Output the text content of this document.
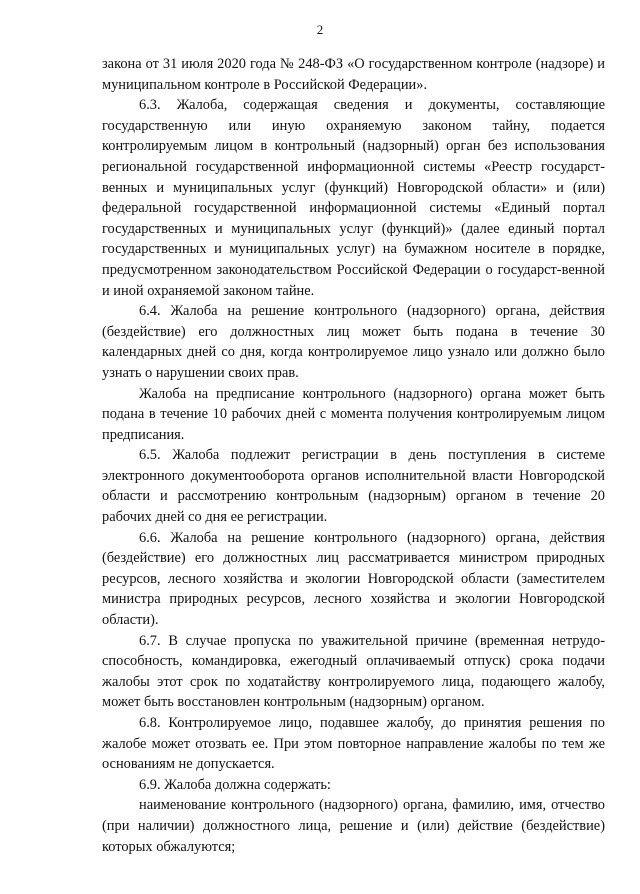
2

закона от 31 июля 2020 года № 248-ФЗ «О государственном контроле (надзоре) и муниципальном контроле в Российской Федерации».

6.3. Жалоба, содержащая сведения и документы, составляющие государственную или иную охраняемую законом тайну, подается контролируемым лицом в контрольный (надзорный) орган без использования региональной государственной информационной системы «Реестр государст-венных и муниципальных услуг (функций) Новгородской области» и (или) федеральной государственной информационной системы «Единый портал государственных и муниципальных услуг (функций)» (далее единый портал государственных и муниципальных услуг) на бумажном носителе в порядке, предусмотренном законодательством Российской Федерации о государст-венной и иной охраняемой законом тайне.

6.4. Жалоба на решение контрольного (надзорного) органа, действия (бездействие) его должностных лиц может быть подана в течение 30 календарных дней со дня, когда контролируемое лицо узнало или должно было узнать о нарушении своих прав.

Жалоба на предписание контрольного (надзорного) органа может быть подана в течение 10 рабочих дней с момента получения контролируемым лицом предписания.

6.5. Жалоба подлежит регистрации в день поступления в системе электронного документооборота органов исполнительной власти Новгородской области и рассмотрению контрольным (надзорным) органом в течение 20 рабочих дней со дня ее регистрации.

6.6. Жалоба на решение контрольного (надзорного) органа, действия (бездействие) его должностных лиц рассматривается министром природных ресурсов, лесного хозяйства и экологии Новгородской области (заместителем министра природных ресурсов, лесного хозяйства и экологии Новгородской области).

6.7. В случае пропуска по уважительной причине (временная нетрудо-способность, командировка, ежегодный оплачиваемый отпуск) срока подачи жалобы этот срок по ходатайству контролируемого лица, подающего жалобу, может быть восстановлен контрольным (надзорным) органом.

6.8. Контролируемое лицо, подавшее жалобу, до принятия решения по жалобе может отозвать ее. При этом повторное направление жалобы по тем же основаниям не допускается.

6.9. Жалоба должна содержать:

наименование контрольного (надзорного) органа, фамилию, имя, отчество (при наличии) должностного лица, решение и (или) действие (бездействие) которых обжалуются;
